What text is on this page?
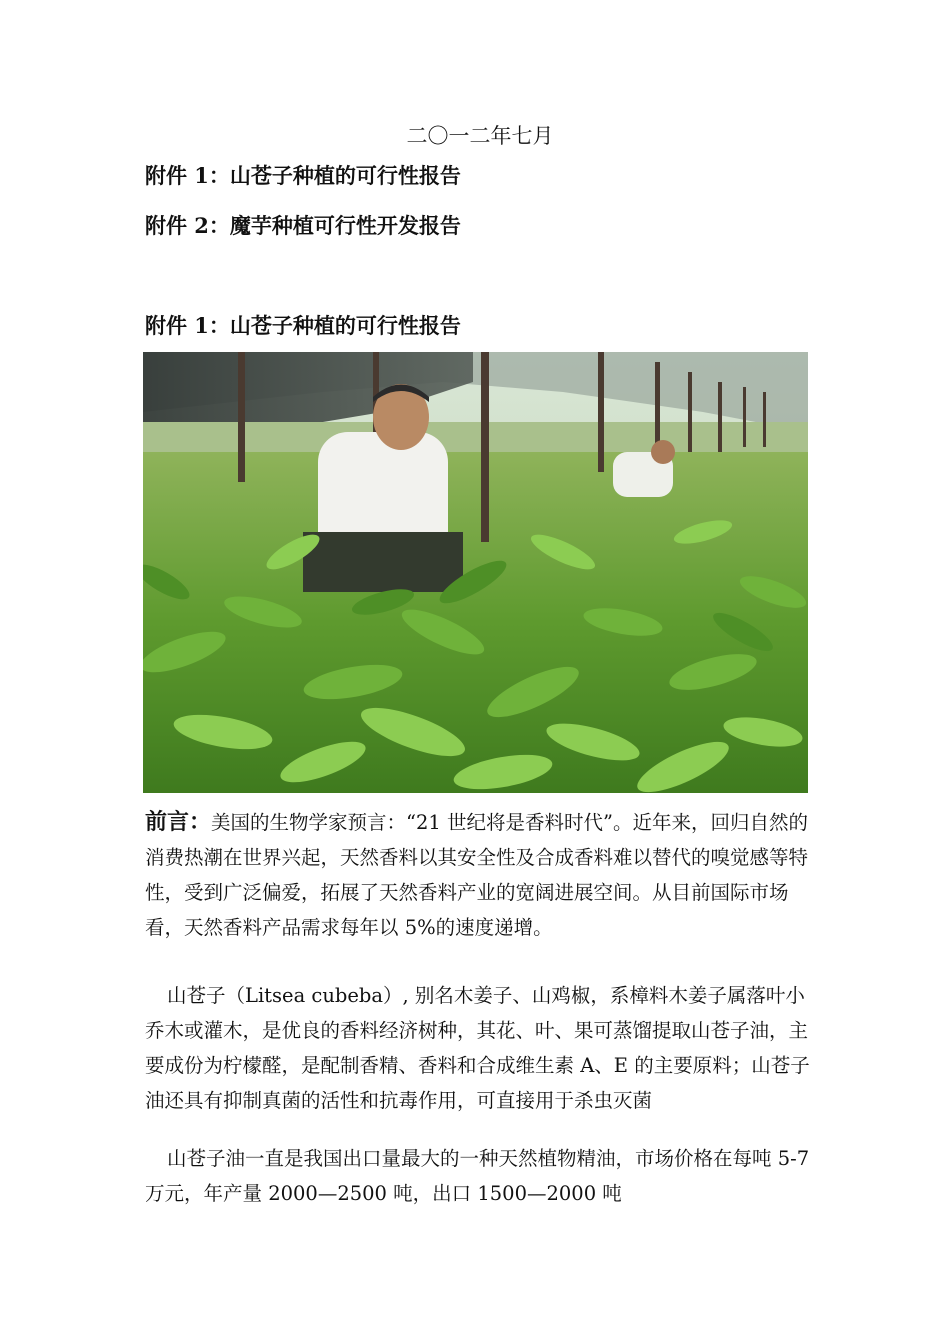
二〇一二年七月
附件 1：山苍子种植的可行性报告
附件 2：魔芋种植可行性开发报告
附件 1：山苍子种植的可行性报告
前言：美国的生物学家预言：“21 世纪将是香料时代”。近年来，回归自然的消费热潮在世界兴起，天然香料以其安全性及合成香料难以替代的嗅觉感等特性，受到广泛偏爱，拓展了天然香料产业的宽阔进展空间。从目前国际市场看，天然香料产品需求每年以 5%的速度递增。
山苍子（Litsea cubeba）, 别名木姜子、山鸡椒，系樟料木姜子属落叶小乔木或灌木，是优良的香料经济树种，其花、叶、果可蒸馏提取山苍子油，主要成份为柠檬醛，是配制香精、香料和合成维生素 A、E 的主要原料；山苍子油还具有抑制真菌的活性和抗毒作用，可直接用于杀虫灭菌
山苍子油一直是我国出口量最大的一种天然植物精油，市场价格在每吨 5-7 万元，年产量 2000—2500 吨，出口 1500—2000 吨
